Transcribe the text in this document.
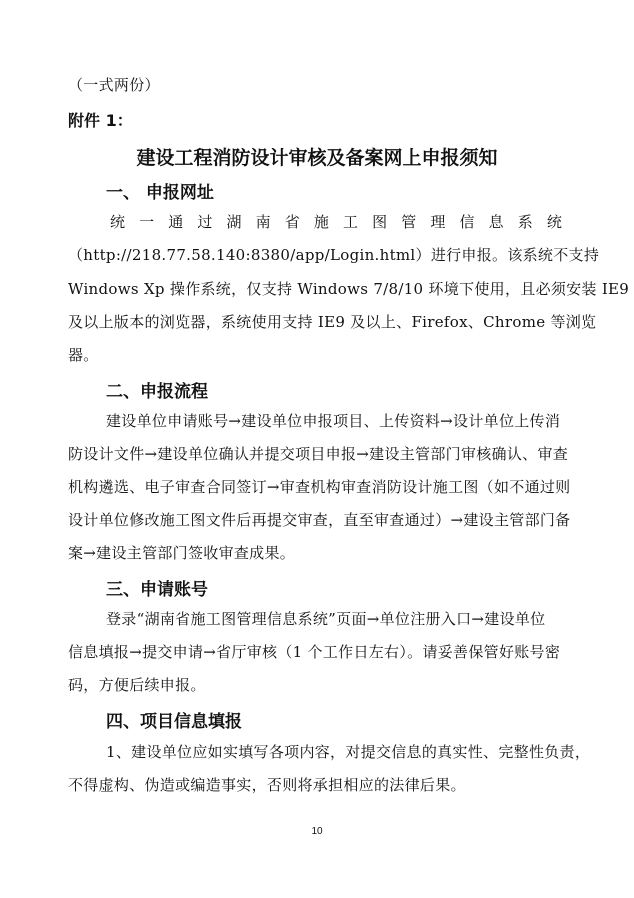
（一式两份）
附件 1：
建设工程消防设计审核及备案网上申报须知
一、 申报网址
统 一 通 过 湖 南 省 施 工 图 管 理 信 息 系 统
（http://218.77.58.140:8380/app/Login.html）进行申报。该系统不支持
Windows Xp 操作系统，仅支持 Windows 7/8/10 环境下使用，且必须安装 IE9
及以上版本的浏览器，系统使用支持 IE9 及以上、Firefox、Chrome 等浏览
器。
二、申报流程
建设单位申请账号→建设单位申报项目、上传资料→设计单位上传消
防设计文件→建设单位确认并提交项目申报→建设主管部门审核确认、审查
机构遴选、电子审查合同签订→审查机构审查消防设计施工图（如不通过则
设计单位修改施工图文件后再提交审查，直至审查通过）→建设主管部门备
案→建设主管部门签收审查成果。
三、申请账号
登录“湖南省施工图管理信息系统”页面→单位注册入口→建设单位
信息填报→提交申请→省厅审核（1 个工作日左右）。请妥善保管好账号密
码，方便后续申报。
四、项目信息填报
1、建设单位应如实填写各项内容，对提交信息的真实性、完整性负责，
不得虚构、伪造或编造事实，否则将承担相应的法律后果。
10
